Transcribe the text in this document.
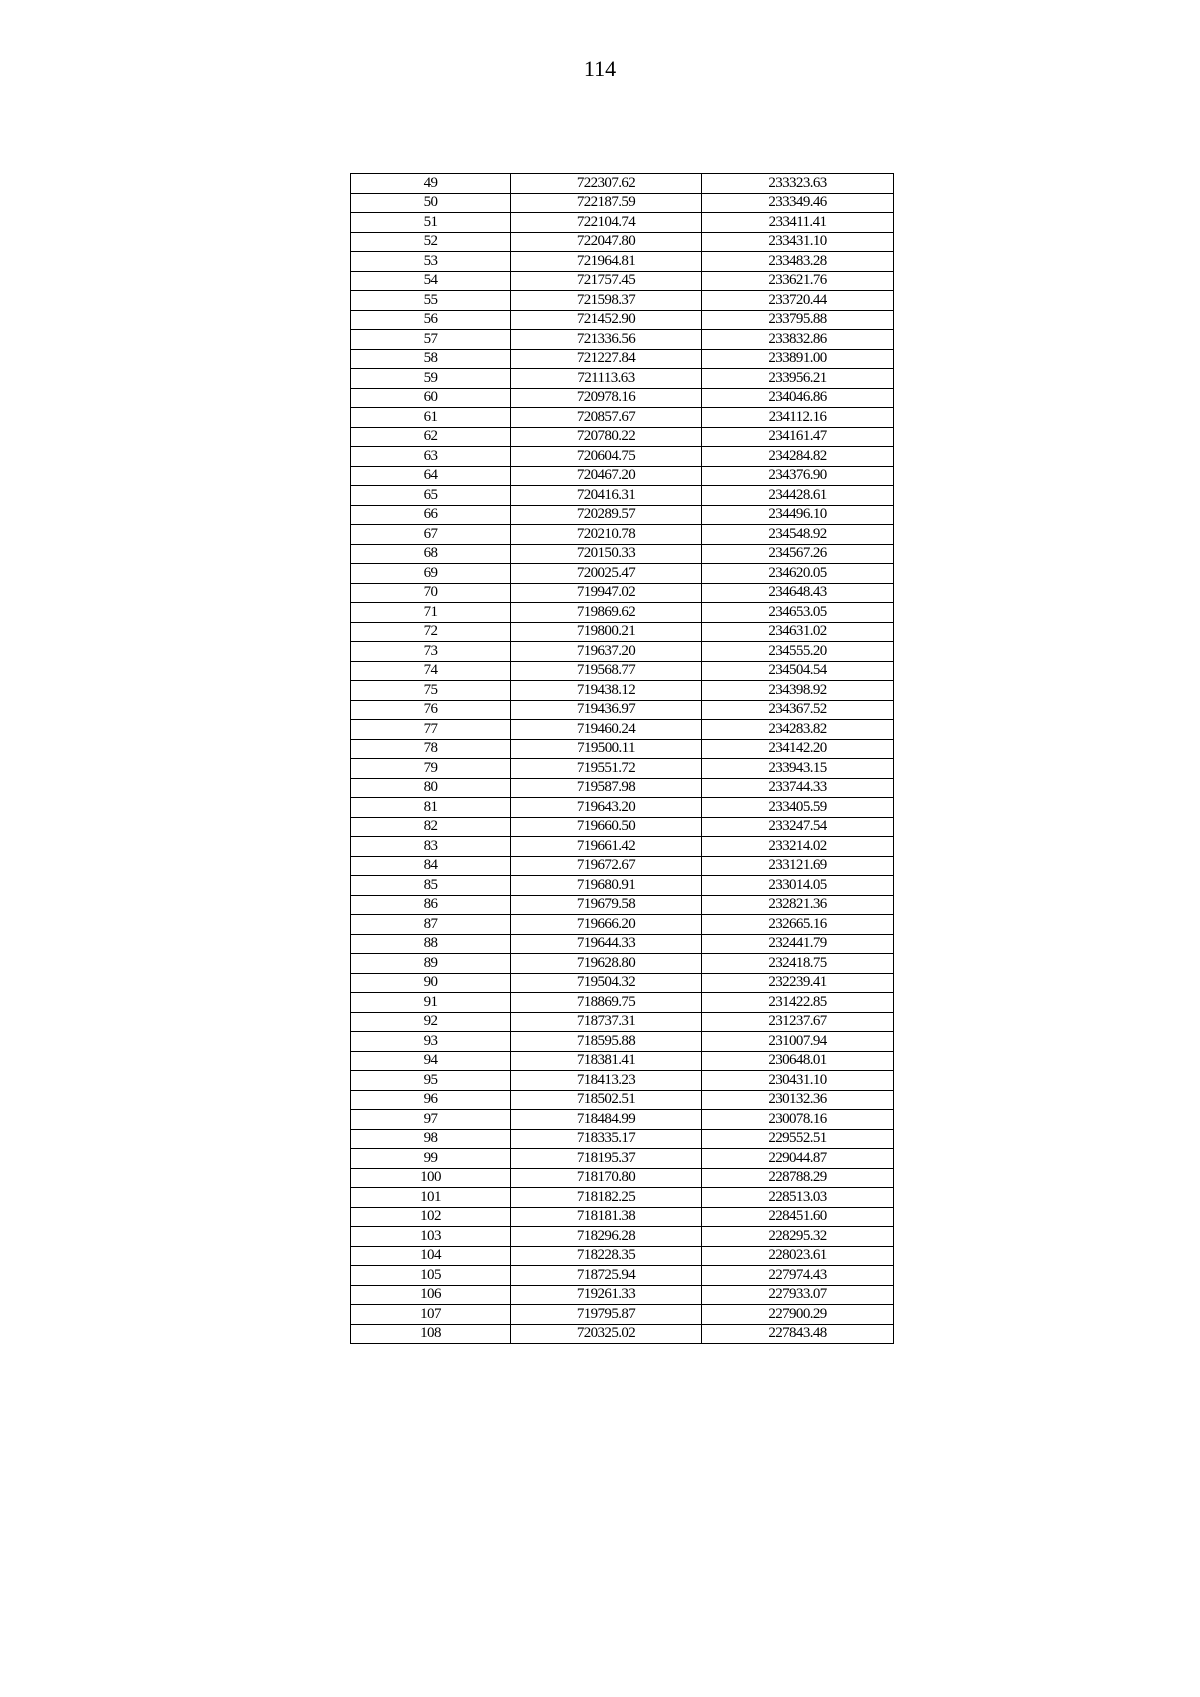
114
49	722307.62	233323.63
50	722187.59	233349.46
51	722104.74	233411.41
52	722047.80	233431.10
53	721964.81	233483.28
54	721757.45	233621.76
55	721598.37	233720.44
56	721452.90	233795.88
57	721336.56	233832.86
58	721227.84	233891.00
59	721113.63	233956.21
60	720978.16	234046.86
61	720857.67	234112.16
62	720780.22	234161.47
63	720604.75	234284.82
64	720467.20	234376.90
65	720416.31	234428.61
66	720289.57	234496.10
67	720210.78	234548.92
68	720150.33	234567.26
69	720025.47	234620.05
70	719947.02	234648.43
71	719869.62	234653.05
72	719800.21	234631.02
73	719637.20	234555.20
74	719568.77	234504.54
75	719438.12	234398.92
76	719436.97	234367.52
77	719460.24	234283.82
78	719500.11	234142.20
79	719551.72	233943.15
80	719587.98	233744.33
81	719643.20	233405.59
82	719660.50	233247.54
83	719661.42	233214.02
84	719672.67	233121.69
85	719680.91	233014.05
86	719679.58	232821.36
87	719666.20	232665.16
88	719644.33	232441.79
89	719628.80	232418.75
90	719504.32	232239.41
91	718869.75	231422.85
92	718737.31	231237.67
93	718595.88	231007.94
94	718381.41	230648.01
95	718413.23	230431.10
96	718502.51	230132.36
97	718484.99	230078.16
98	718335.17	229552.51
99	718195.37	229044.87
100	718170.80	228788.29
101	718182.25	228513.03
102	718181.38	228451.60
103	718296.28	228295.32
104	718228.35	228023.61
105	718725.94	227974.43
106	719261.33	227933.07
107	719795.87	227900.29
108	720325.02	227843.48
